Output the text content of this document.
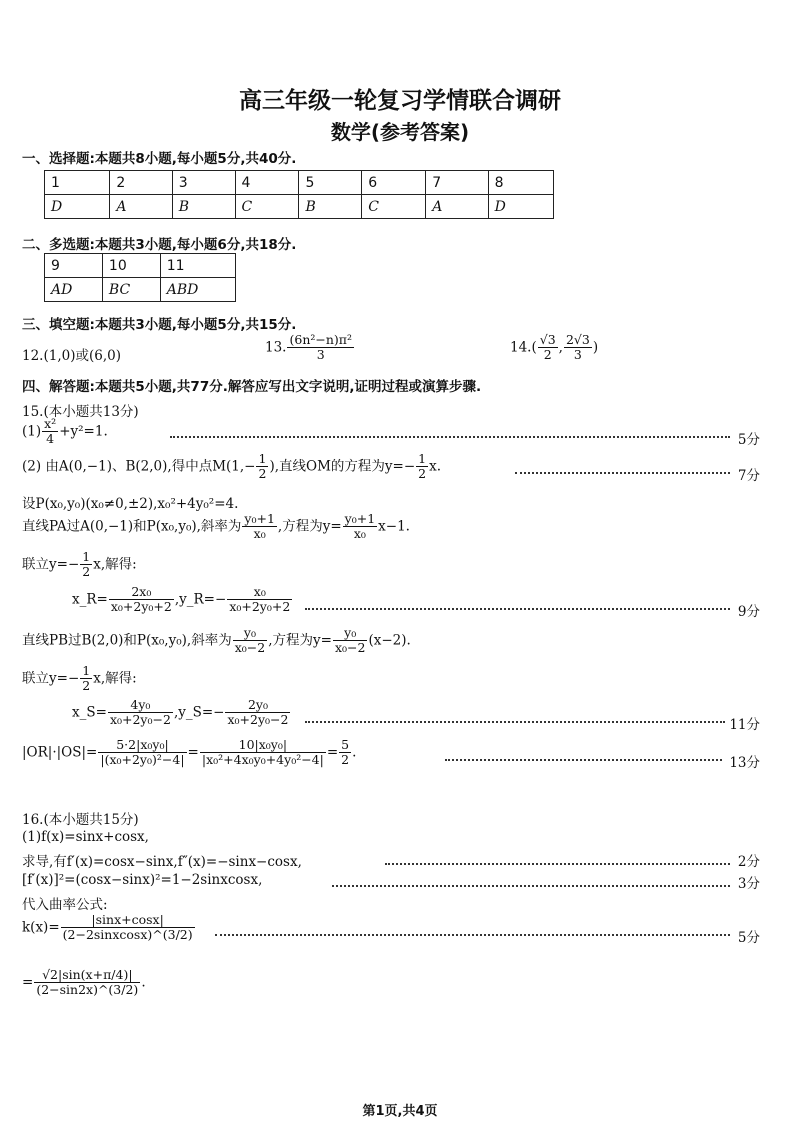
高三年级一轮复习学情联合调研
数学(参考答案)
一、选择题:本题共8小题,每小题5分,共40分.
1	2	3	4	5	6	7	8
D	A	B	C	B	C	A	D
二、多选题:本题共3小题,每小题6分,共18分.
9	10	11
AD	BC	ABD
三、填空题:本题共3小题,每小题5分,共15分.
12.(1,0)或(6,0)
13. $\frac{\text{(6n²−n)π²}}{3}$	$14.( \frac{√3}{2}$ , $\frac{2√3}{3}$ )
四、解答题:本题共5小题,共77分.解答应写出文字说明,证明过程或演算步骤.
15.(本小题共13分)
$(1) \frac{\text{x²}}{4} +y^2=1$.
5分
(2) 由A(0,−1)、B(2,0),得中点$M(1,- \frac{1}{2}$ ),直线OM的方程为$y=- \frac{1}{2} x$.
7分
设P(x₀,y₀)(x₀≠0,±2),x₀²+4y₀²=4.
直线PA过A(0,−1)和P(x₀,y₀),斜率为 $\frac{\text{y₀+1}}{\text{x₀}}$ ,方程为$y= \frac{\text{y₀+1}}{\text{x₀}} x-1$.
联立$y=- \frac{1}{2} x$,解得:
x_R= $\frac{\text{2x₀}}{\text{x₀+2y₀+2}}$ ,y_R=− $\frac{\text{x₀}}{\text{x₀+2y₀+2}}$	9分
直线PB过B(2,0)和P(x₀,y₀),斜率为 $\frac{\text{y₀}}{\text{x₀−2}}$ ,方程为$y= \frac{\text{y₀}}{\text{x₀−2}} (x-2)$.
联立$y=- \frac{1}{2} x$,解得:
x_S= $\frac{\text{4y₀}}{\text{x₀+2y₀−2}}$ ,y_S=− $\frac{\text{2y₀}}{\text{x₀+2y₀−2}}$	11分
$|OR|\cdot|OS|= \frac{\text{5·2|x₀y₀|}}{\text{|(x₀+2y₀)²−4|}} = \frac{\text{10|x₀y₀|}}{\text{|x₀²+4x₀y₀+4y₀²−4|}} = \frac{5}{2}$ .
13分
16.(本小题共15分)
(1)f(x)=sinx+cosx,
求导,有f′(x)=cosx−sinx,f″(x)=−sinx−cosx,	2分
[f′(x)]²=(cosx−sinx)²=1−2sinxcosx,	3分
代入曲率公式:
$k(x)= \frac{|\sin x+\cos x|}{\text{(2−2sinxcosx)\textasciicircum{}(3/2)}}$	5分
= $\frac{√2|\sin(x+\pi/4)|}{(2-\sin 2x)\^{}(3/2)}$ .
第1页,共4页
